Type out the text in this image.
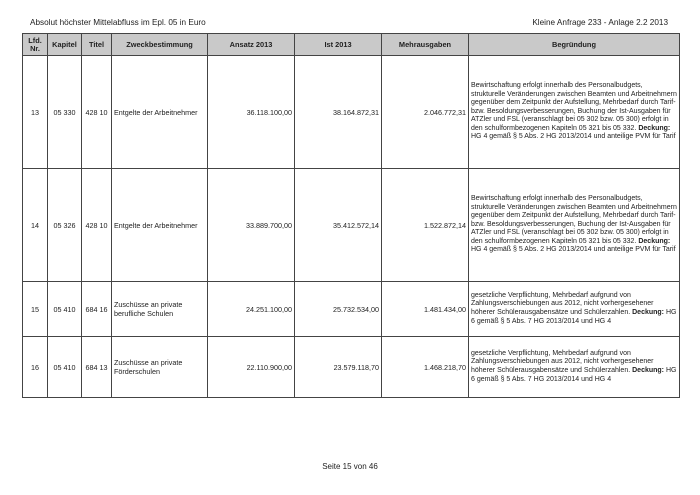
Absolut höchster Mittelabfluss im Epl. 05 in Euro	Kleine Anfrage 233 - Anlage 2.2 2013
Lfd. Nr.	Kapitel	Titel	Zweckbestimmung	Ansatz 2013	Ist 2013	Mehrausgaben	Begründung
13	05 330	428 10	Entgelte der Arbeitnehmer	36.118.100,00	38.164.872,31	2.046.772,31	Bewirtschaftung erfolgt innerhalb des Personalbudgets, strukturelle Veränderungen zwischen Beamten und Arbeitnehmern gegenüber dem Zeitpunkt der Aufstellung, Mehrbedarf durch Tarif- bzw. Besoldungsverbesserungen, Buchung der Ist-Ausgaben für ATZler und FSL (veranschlagt bei 05 302 bzw. 05 300) erfolgt in den schulformbezogenen Kapiteln 05 321 bis 05 332. Deckung: HG 4 gemäß § 5 Abs. 2 HG 2013/2014 und anteilige PVM für Tarif
14	05 326	428 10	Entgelte der Arbeitnehmer	33.889.700,00	35.412.572,14	1.522.872,14	Bewirtschaftung erfolgt innerhalb des Personalbudgets, strukturelle Veränderungen zwischen Beamten und Arbeitnehmern gegenüber dem Zeitpunkt der Aufstellung, Mehrbedarf durch Tarif- bzw. Besoldungsverbesserungen, Buchung der Ist-Ausgaben für ATZler und FSL (veranschlagt bei 05 302 bzw. 05 300) erfolgt in den schulformbezogenen Kapiteln 05 321 bis 05 332. Deckung: HG 4 gemäß § 5 Abs. 2 HG 2013/2014 und anteilige PVM für Tarif
15	05 410	684 16	Zuschüsse an private berufliche Schulen	24.251.100,00	25.732.534,00	1.481.434,00	gesetzliche Verpflichtung, Mehrbedarf aufgrund von Zahlungsverschiebungen aus 2012, nicht vorhergesehener höherer Schülerausgabensätze und Schülerzahlen. Deckung: HG 6 gemäß § 5 Abs. 7 HG 2013/2014 und HG 4
16	05 410	684 13	Zuschüsse an private Förderschulen	22.110.900,00	23.579.118,70	1.468.218,70	gesetzliche Verpflichtung, Mehrbedarf aufgrund von Zahlungsverschiebungen aus 2012, nicht vorhergesehener höherer Schülerausgabensätze und Schülerzahlen. Deckung: HG 6 gemäß § 5 Abs. 7 HG 2013/2014 und HG 4
Seite 15 von 46
